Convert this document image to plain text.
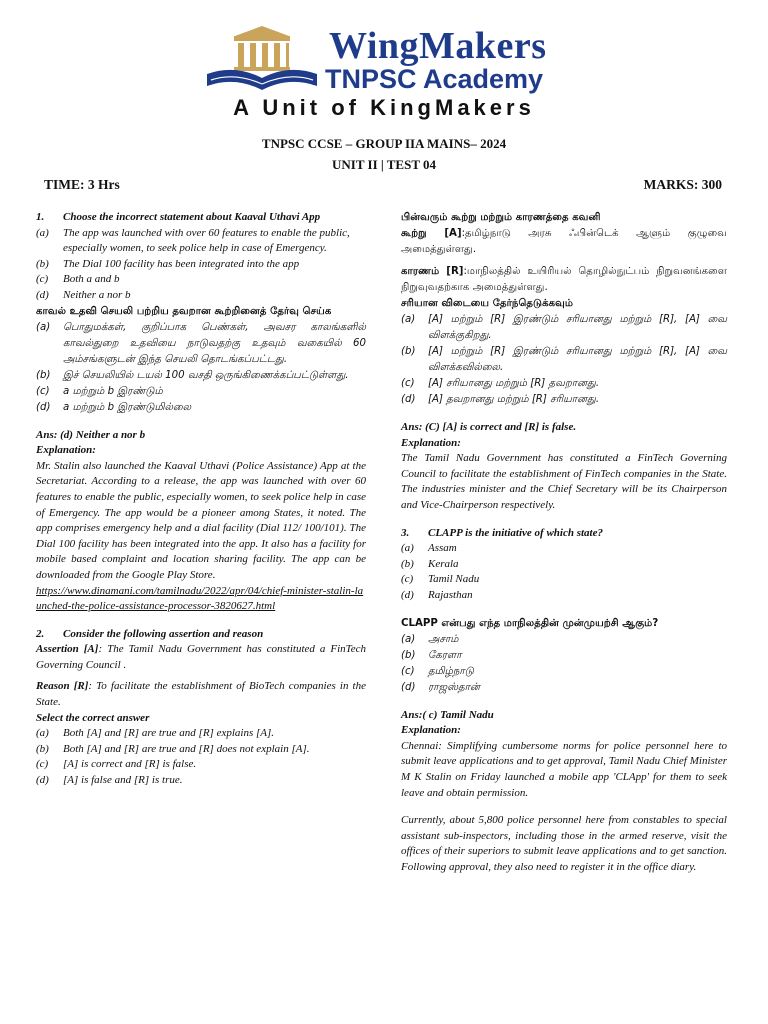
WingMakers
TNPSC Academy
A Unit of KingMakers
TNPSC CCSE – GROUP IIA MAINS– 2024
UNIT II | TEST 04
TIME: 3 Hrs	MARKS: 300
1.	Choose the incorrect statement about Kaaval Uthavi App
(a)	The app was launched with over 60 features to enable the public, especially women, to seek police help in case of Emergency.
(b)	The Dial 100 facility has been integrated into the app
(c)	Both a and b
(d)	Neither a nor b
காவல் உதவி செயலி பற்றிய தவறான கூற்றினைத் தேர்வு செய்க
(a)	பொதுமக்கள், குறிப்பாக பெண்கள், அவசர காலங்களில் காவல்துறை உதவியை நாடுவதற்கு உதவும் வகையில் 60 அம்சங்களுடன் இந்த செயலி தொடங்கப்பட்டது.
(b)	இச் செயலியில் டயல் 100 வசதி ஒருங்கிணைக்கப்பட்டுள்ளது.
(c)	a மற்றும் b இரண்டும்
(d)	a மற்றும் b இரண்டுமில்லை
Ans: (d) Neither a nor b
Explanation:
Mr. Stalin also launched the Kaaval Uthavi (Police Assistance) App at the Secretariat. According to a release, the app was launched with over 60 features to enable the public, especially women, to seek police help in case of Emergency. The app would be a pioneer among States, it noted. The app comprises emergency help and a dial facility (Dial 112/ 100/101). The Dial 100 facility has been integrated into the app. It also has a facility for mobile based complaint and location sharing facility. The app can be downloaded from the Google Play Store.
https://www.dinamani.com/tamilnadu/2022/apr/04/chief-minister-stalin-launched-the-police-assistance-processor-3820627.html
2.	Consider the following assertion and reason
Assertion [A]: The Tamil Nadu Government has constituted a FinTech Governing Council .
Reason [R]: To facilitate the establishment of BioTech companies in the State.
Select the correct answer
(a)	Both [A] and [R] are true and [R] explains [A].
(b)	Both [A] and [R] are true and [R] does not explain [A].
(c)	[A] is correct and [R] is false.
(d)	[A] is false and [R] is true.
பின்வரும் கூற்று மற்றும் காரணத்தை கவனி
கூற்று [A]:தமிழ்நாடு அரசு ஃபின்டெக் ஆளும் குழுவை அமைத்துள்ளது.
காரணம் [R]:மாநிலத்தில் உயிரியல் தொழில்நுட்பம் நிறுவனங்களை நிறுவுவதற்காக அமைத்துள்ளது.
சரியான விடையை தேர்ந்தெடுக்கவும்
(a)	[A] மற்றும் [R] இரண்டும் சரியானது மற்றும் [R], [A] வை விளக்குகிறது.
(b)	[A] மற்றும் [R] இரண்டும் சரியானது மற்றும் [R], [A] வை விளக்கவில்லை.
(c)	[A] சரியானது மற்றும் [R] தவறானது.
(d)	[A] தவறானது மற்றும் [R] சரியானது.
Ans: (C) [A] is correct and [R] is false.
Explanation:
The Tamil Nadu Government has constituted a FinTech Governing Council to facilitate the establishment of FinTech companies in the State. The industries minister and the Chief Secretary will be its Chairperson and Vice-Chairperson respectively.
3.	CLAPP is the initiative of which state?
(a)	Assam
(b)	Kerala
(c)	Tamil Nadu
(d)	Rajasthan
CLAPP என்பது எந்த மாநிலத்தின் முன்முயற்சி ஆகும்?
(a)	அசாம்
(b)	கேரளா
(c)	தமிழ்நாடு
(d)	ராஜஸ்தான்
Ans:( c) Tamil Nadu
Explanation:
Chennai: Simplifying cumbersome norms for police personnel here to submit leave applications and to get approval, Tamil Nadu Chief Minister M K Stalin on Friday launched a mobile app 'CLApp' for them to seek leave and obtain permission.
Currently, about 5,800 police personnel here from constables to special assistant sub-inspectors, including those in the armed reserve, visit the offices of their superiors to submit leave applications and to get sanction. Following approval, they also need to register it in the office diary.
